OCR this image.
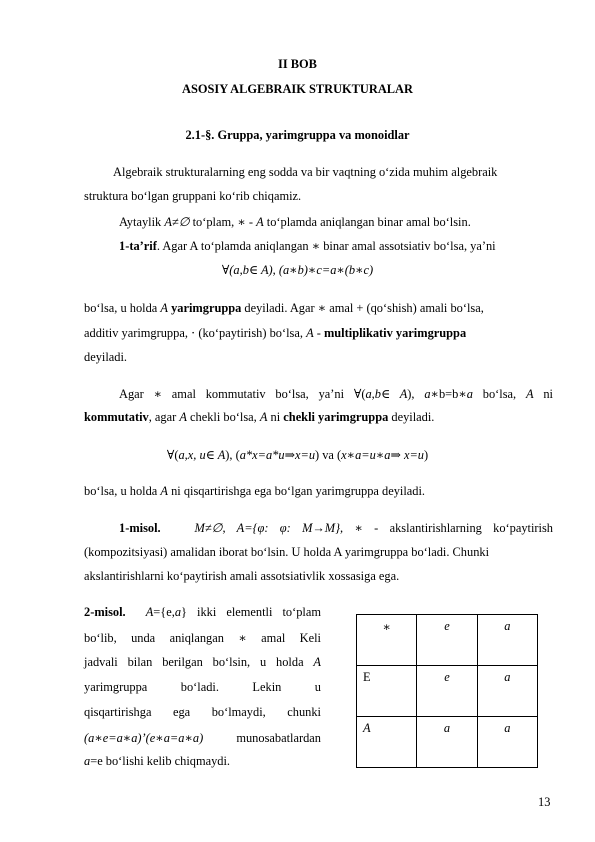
II BOB
ASOSIY ALGEBRAIK STRUKTURALAR
2.1-§. Gruppa, yarimgruppa va monoidlar
Algebraik strukturalarning eng sodda va bir vaqtning o‘zida muhim algebraik
struktura bo‘lgan gruppani ko‘rib chiqamiz.
Aytaylik A≠∅ to‘plam, ∗ - A to‘plamda aniqlangan binar amal bo‘lsin.
1-ta’rif. Agar A to‘plamda aniqlangan ∗ binar amal assotsiativ bo‘lsa, ya’ni
∀(a,b∈ A), (a∗b)∗c=a∗(b∗c)
bo‘lsa, u holda A yarimgruppa deyiladi. Agar ∗ amal + (qo‘shish) amali bo‘lsa,
additiv yarimgruppa, ⋅ (ko‘paytirish) bo‘lsa, A - multiplikativ yarimgruppa
deyiladi.
Agar ∗ amal kommutativ bo‘lsa, ya’ni ∀(a,b∈ A), a∗b=b∗a bo‘lsa, A ni
kommutativ, agar A chekli bo‘lsa, A ni chekli yarimgruppa deyiladi.
∀(a,x, u∈ A), (a*x=a*u⇒x=u) va (x∗a=u∗a⇒ x=u)
bo‘lsa, u holda A ni qisqartirishga ega bo‘lgan yarimgruppa deyiladi.
1-misol.	M≠∅, A={φ: φ: M→M}, ∗ - akslantirishlarning ko‘paytirish
(kompozitsiyasi) amalidan iborat bo‘lsin. U holda A yarimgruppa bo‘ladi. Chunki
akslantirishlarni ko‘paytirish amali assotsiativlik xossasiga ega.
2-misol. A={e,a} ikki elementli to‘plam
bo‘lib, unda aniqlangan ∗ amal Keli
jadvali bilan berilgan bo‘lsin, u holda A
yarimgruppa bo‘ladi. Lekin u
qisqartirishga ega bo‘lmaydi, chunki
(a∗e=a∗a)’(e∗a=a∗a) munosabatlardan
a=e bo‘lishi kelib chiqmaydi.
∗	e	a
E	e	a
A	a	a
13
